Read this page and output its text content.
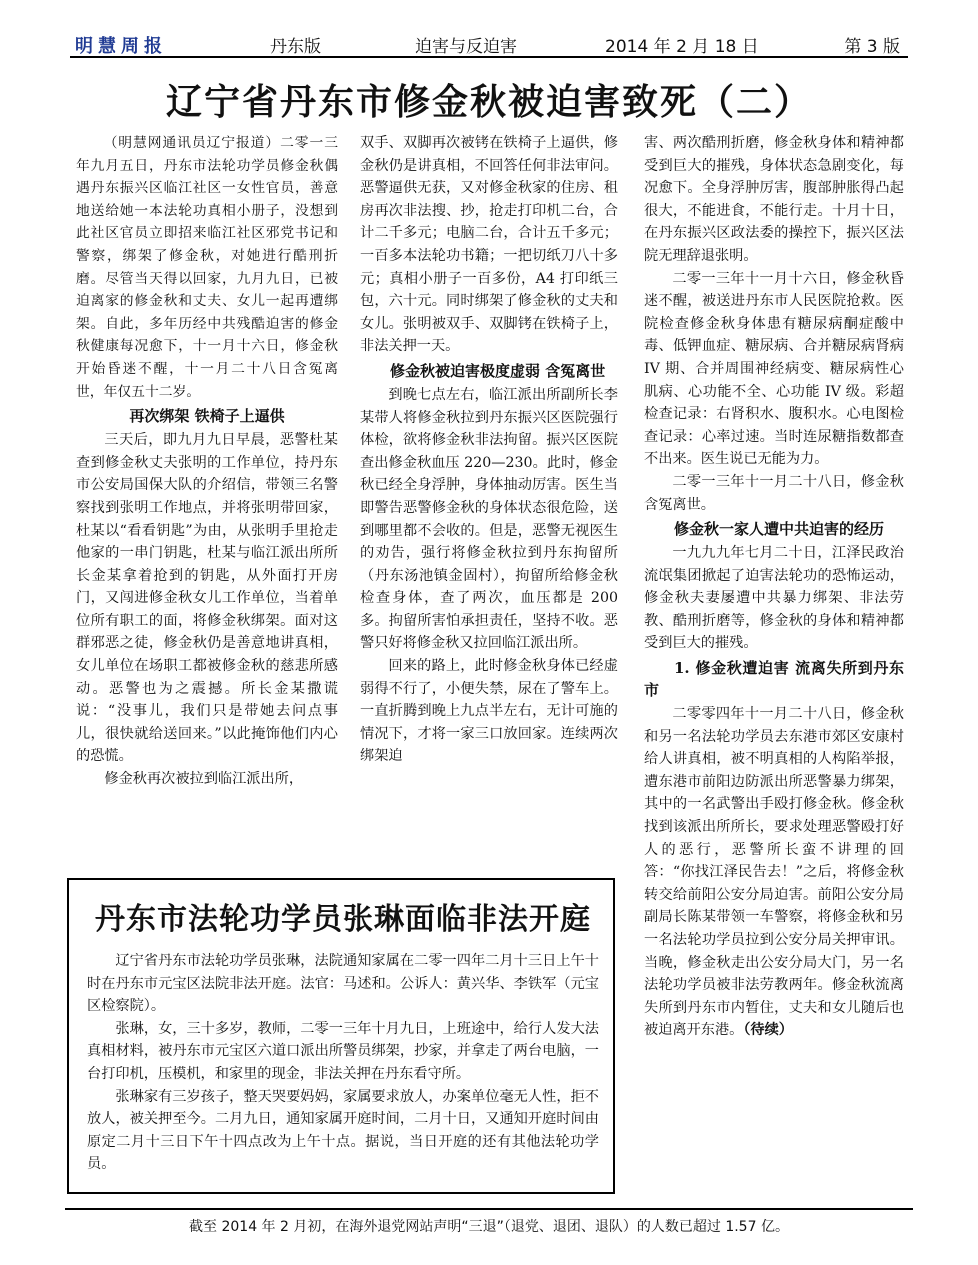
明慧周报	丹东版	迫害与反迫害	2014 年 2 月 18 日	第 3 版
辽宁省丹东市修金秋被迫害致死（二）

（明慧网通讯员辽宁报道）二零一三年九月五日，丹东市法轮功学员修金秋偶遇丹东振兴区临江社区一女性官员，善意地送给她一本法轮功真相小册子，没想到此社区官员立即招来临江社区邪党书记和警察，绑架了修金秋，对她进行酷刑折磨。尽管当天得以回家，九月九日，已被迫离家的修金秋和丈夫、女儿一起再遭绑架。自此，多年历经中共残酷迫害的修金秋健康每况愈下，十一月十六日，修金秋开始昏迷不醒，十一月二十八日含冤离世，年仅五十二岁。

再次绑架 铁椅子上逼供

三天后，即九月九日早晨，恶警杜某查到修金秋丈夫张明的工作单位，持丹东市公安局国保大队的介绍信，带领三名警察找到张明工作地点，并将张明带回家，杜某以“看看钥匙”为由，从张明手里抢走他家的一串门钥匙，杜某与临江派出所所长金某拿着抢到的钥匙，从外面打开房门，又闯进修金秋女儿工作单位，当着单位所有职工的面，将修金秋绑架。面对这群邪恶之徒，修金秋仍是善意地讲真相，女儿单位在场职工都被修金秋的慈悲所感动。恶警也为之震撼。所长金某撒谎说：“没事儿，我们只是带她去问点事儿，很快就给送回来。”以此掩饰他们内心的恐慌。

修金秋再次被拉到临江派出所，

双手、双脚再次被铐在铁椅子上逼供，修金秋仍是讲真相，不回答任何非法审问。恶警逼供无获，又对修金秋家的住房、租房再次非法搜、抄，抢走打印机二台，合计二千多元；电脑二台，合计五千多元；一百多本法轮功书籍；一把切纸刀八十多元；真相小册子一百多份，A4 打印纸三包，六十元。同时绑架了修金秋的丈夫和女儿。张明被双手、双脚铐在铁椅子上，非法关押一天。

修金秋被迫害极度虚弱 含冤离世

到晚七点左右，临江派出所副所长李某带人将修金秋拉到丹东振兴区医院强行体检，欲将修金秋非法拘留。振兴区医院查出修金秋血压 220—230。此时，修金秋已经全身浮肿，身体抽动厉害。医生当即警告恶警修金秋的身体状态很危险，送到哪里都不会收的。但是，恶警无视医生的劝告，强行将修金秋拉到丹东拘留所（丹东汤池镇金固村），拘留所给修金秋检查身体，查了两次，血压都是 200 多。拘留所害怕承担责任，坚持不收。恶警只好将修金秋又拉回临江派出所。

回来的路上，此时修金秋身体已经虚弱得不行了，小便失禁，尿在了警车上。一直折腾到晚上九点半左右，无计可施的情况下，才将一家三口放回家。连续两次绑架迫

害、两次酷刑折磨，修金秋身体和精神都受到巨大的摧残，身体状态急剧变化，每况愈下。全身浮肿厉害，腹部肿胀得凸起很大，不能进食，不能行走。十月十日，在丹东振兴区政法委的操控下，振兴区法院无理辞退张明。

二零一三年十一月十六日，修金秋昏迷不醒，被送进丹东市人民医院抢救。医院检查修金秋身体患有糖尿病酮症酸中毒、低钾血症、糖尿病、合并糖尿病肾病 IV 期、合并周围神经病变、糖尿病性心肌病、心功能不全、心功能 IV 级。彩超检查记录：右肾积水、腹积水。心电图检查记录：心率过速。当时连尿糖指数都查不出来。医生说已无能为力。

二零一三年十一月二十八日，修金秋含冤离世。

修金秋一家人遭中共迫害的经历

一九九九年七月二十日，江泽民政治流氓集团掀起了迫害法轮功的恐怖运动，修金秋夫妻屡遭中共暴力绑架、非法劳教、酷刑折磨等，修金秋的身体和精神都受到巨大的摧残。

1. 修金秋遭迫害 流离失所到丹东市

二零零四年十一月二十八日，修金秋和另一名法轮功学员去东港市郊区安康村给人讲真相，被不明真相的人构陷举报，遭东港市前阳边防派出所恶警暴力绑架，其中的一名武警出手殴打修金秋。修金秋找到该派出所所长，要求处理恶警殴打好人的恶行，恶警所长蛮不讲理的回答：“你找江泽民告去！”之后，将修金秋转交给前阳公安分局迫害。前阳公安分局副局长陈某带领一车警察，将修金秋和另一名法轮功学员拉到公安分局关押审讯。当晚，修金秋走出公安分局大门，另一名法轮功学员被非法劳教两年。修金秋流离失所到丹东市内暂住，丈夫和女儿随后也被迫离开东港。（待续）

丹东市法轮功学员张琳面临非法开庭

辽宁省丹东市法轮功学员张琳，法院通知家属在二零一四年二月十三日上午十时在丹东市元宝区法院非法开庭。法官：马述和。公诉人：黄兴华、李铁军（元宝区检察院）。

张琳，女，三十多岁，教师，二零一三年十月九日，上班途中，给行人发大法真相材料，被丹东市元宝区六道口派出所警员绑架，抄家，并拿走了两台电脑，一台打印机，压模机，和家里的现金，非法关押在丹东看守所。

张琳家有三岁孩子，整天哭要妈妈，家属要求放人，办案单位毫无人性，拒不放人，被关押至今。二月九日，通知家属开庭时间，二月十日，又通知开庭时间由原定二月十三日下午十四点改为上午十点。据说，当日开庭的还有其他法轮功学员。

截至 2014 年 2 月初，在海外退党网站声明“三退”（退党、退团、退队）的人数已超过 1.57 亿。
